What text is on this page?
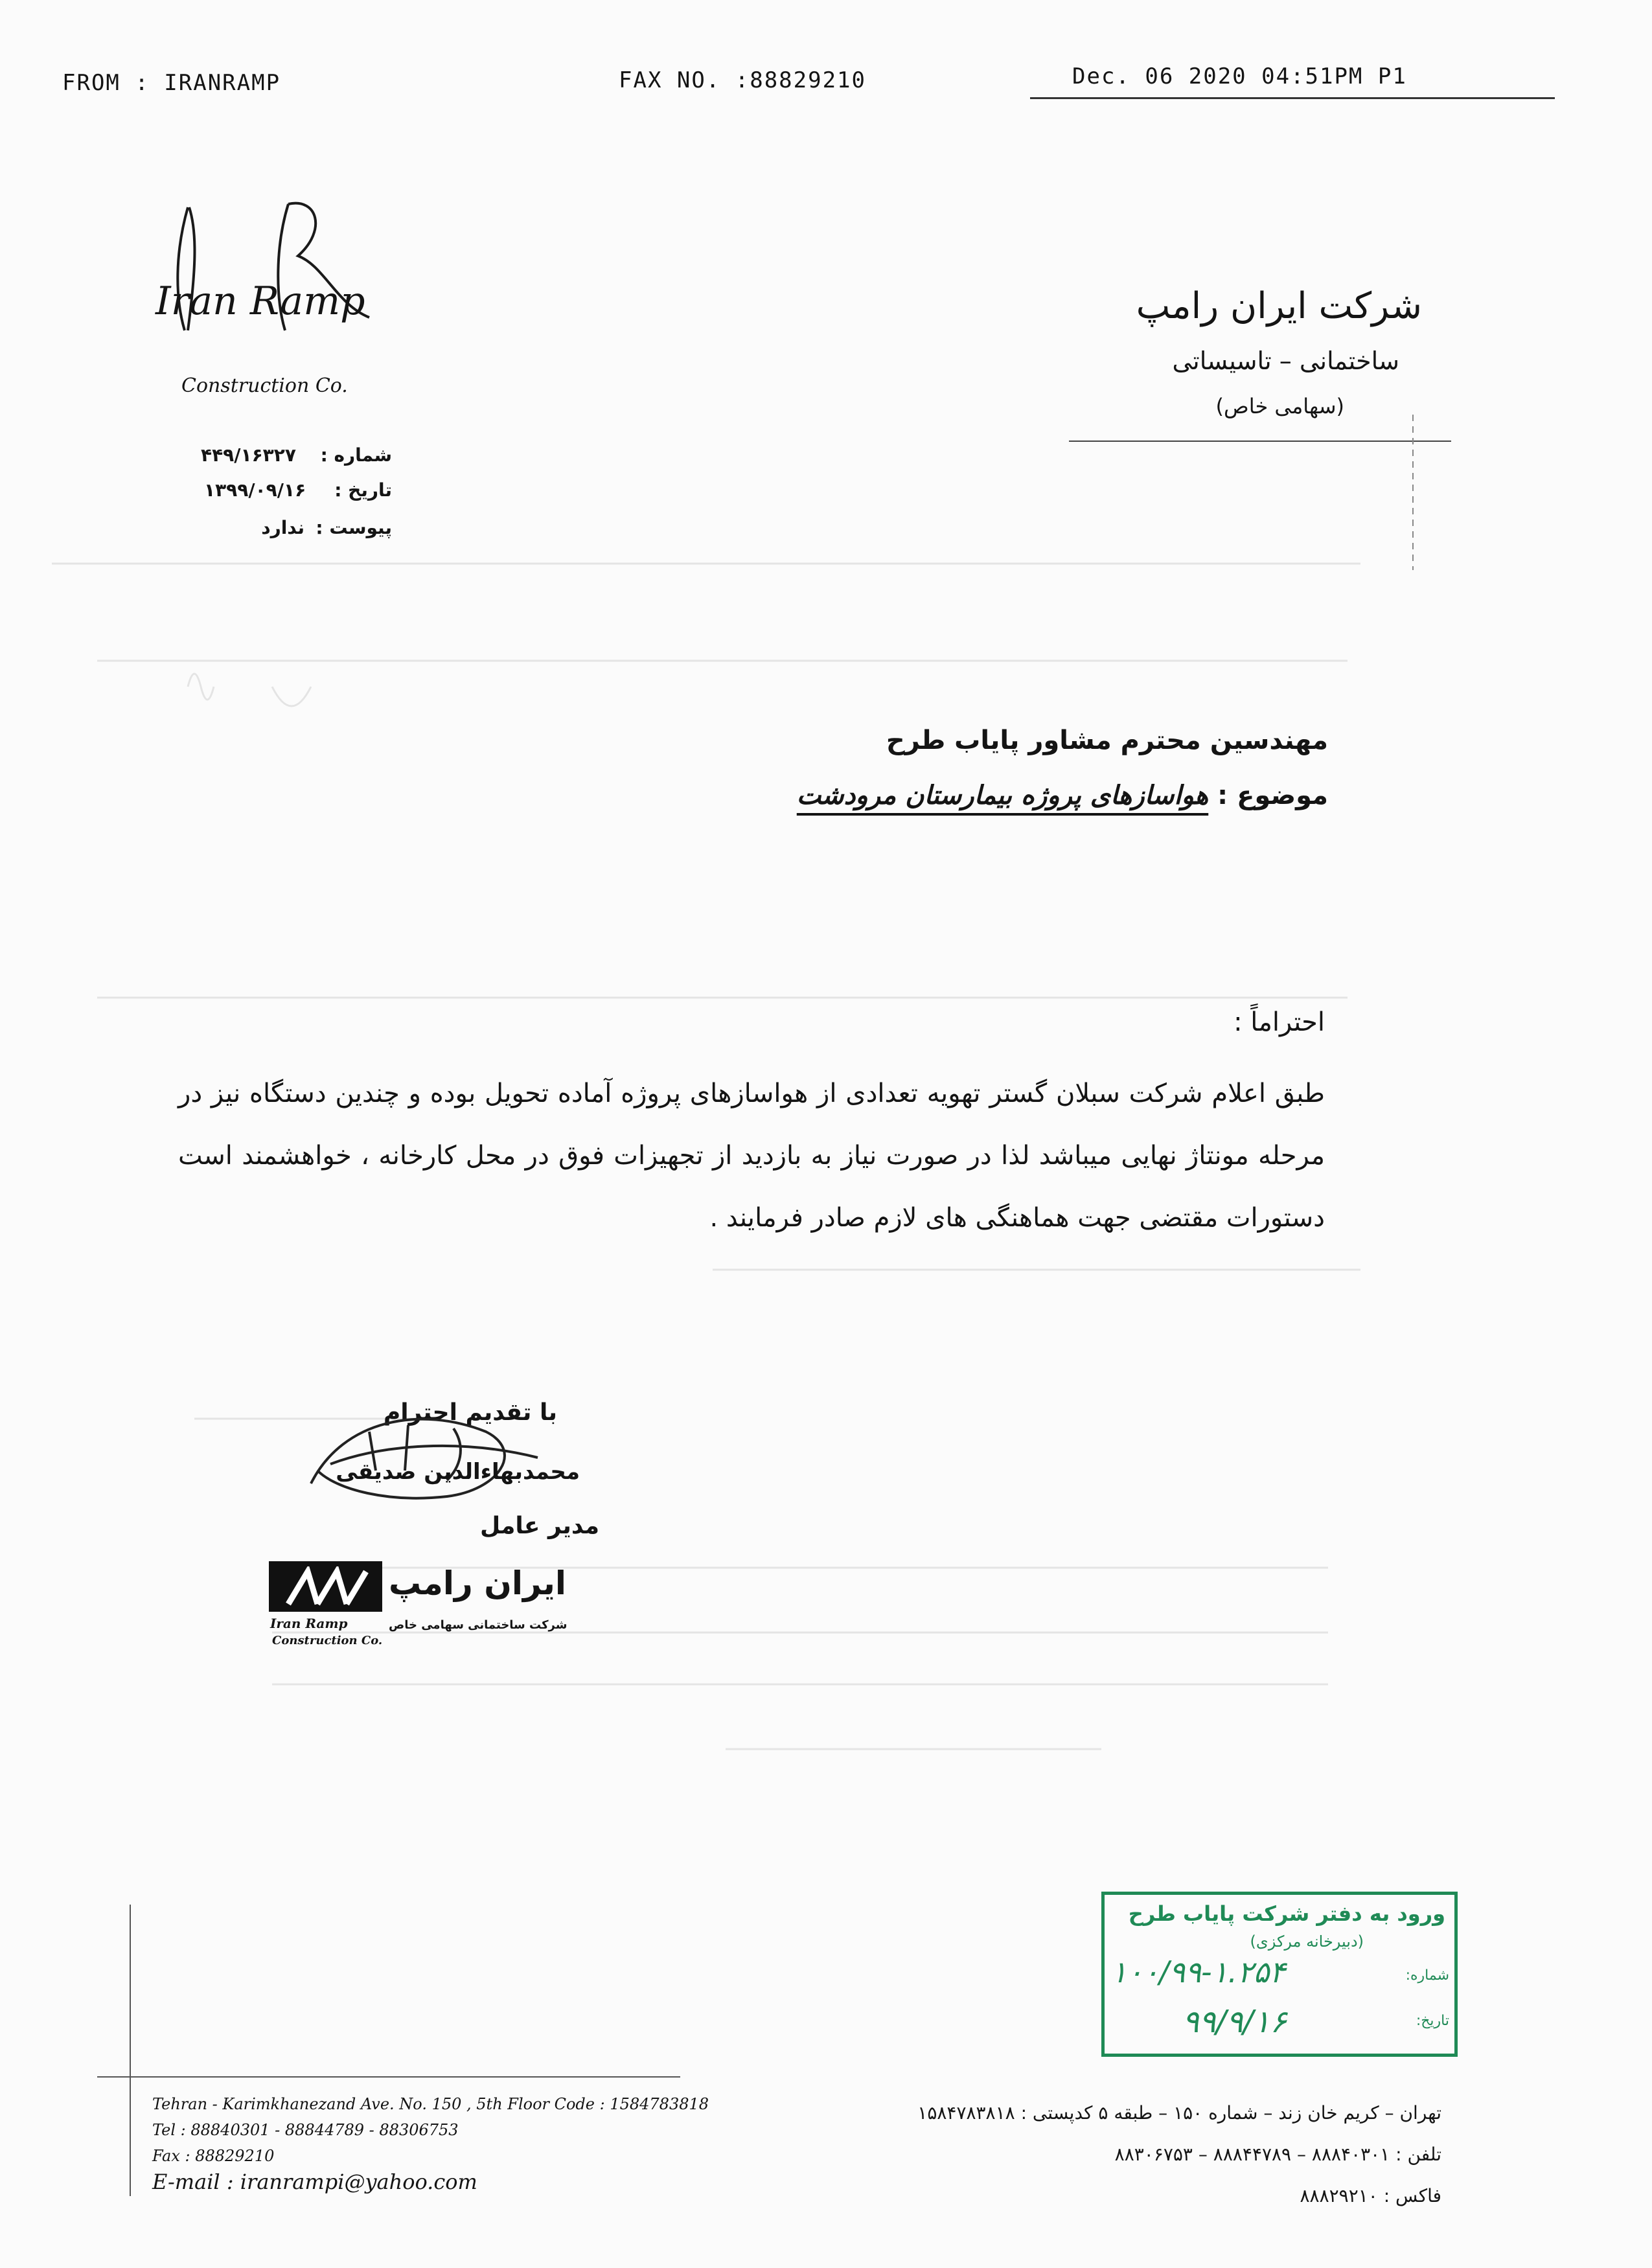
FROM : IRANRAMP	FAX NO. :88829210	Dec. 06 2020 04:51PM P1
Iran Ramp
Construction Co.
شرکت ایران رامپ
ساختمانی – تاسیساتی
(سهامی خاص)
شماره :
۴۴۹/۱۶۳۲۷
تاریخ :
۱۳۹۹/۰۹/۱۶
پیوست :
ندارد
مهندسین محترم مشاور پایاب طرح
موضوع : هواسازهای پروژه بیمارستان مرودشت
احتراماً :
طبق اعلام شرکت سبلان گستر تهویه تعدادی از هواسازهای پروژه آماده تحویل بوده و چندین دستگاه نیز در مرحله مونتاژ نهایی میباشد لذا در صورت نیاز به بازدید از تجهیزات فوق در محل کارخانه ، خواهشمند است دستورات مقتضی جهت هماهنگی های لازم صادر فرمایند .
با تقدیم احترام
محمدبهاءالدین صدیقی
مدیر عامل
ایران رامپ
Iran Ramp	شرکت ساختمانی سهامی خاص
Construction Co.
ورود به دفتر شرکت پایاب طرح
(دبیرخانه مرکزی)
شماره:
۱۰۰/۹۹-۱.۲۵۴
تاریخ:
۹۹/۹/۱۶
Tehran - Karimkhanezand Ave. No. 150 , 5th Floor Code : 1584783818
Tel : 88840301 - 88844789 - 88306753
Fax : 88829210
E-mail : iranrampi@yahoo.com
تهران – کریم خان زند – شماره ۱۵۰ – طبقه ۵ کدپستی : ۱۵۸۴۷۸۳۸۱۸
تلفن : ۸۸۸۴۰۳۰۱ – ۸۸۸۴۴۷۸۹ – ۸۸۳۰۶۷۵۳
فاکس : ۸۸۸۲۹۲۱۰
